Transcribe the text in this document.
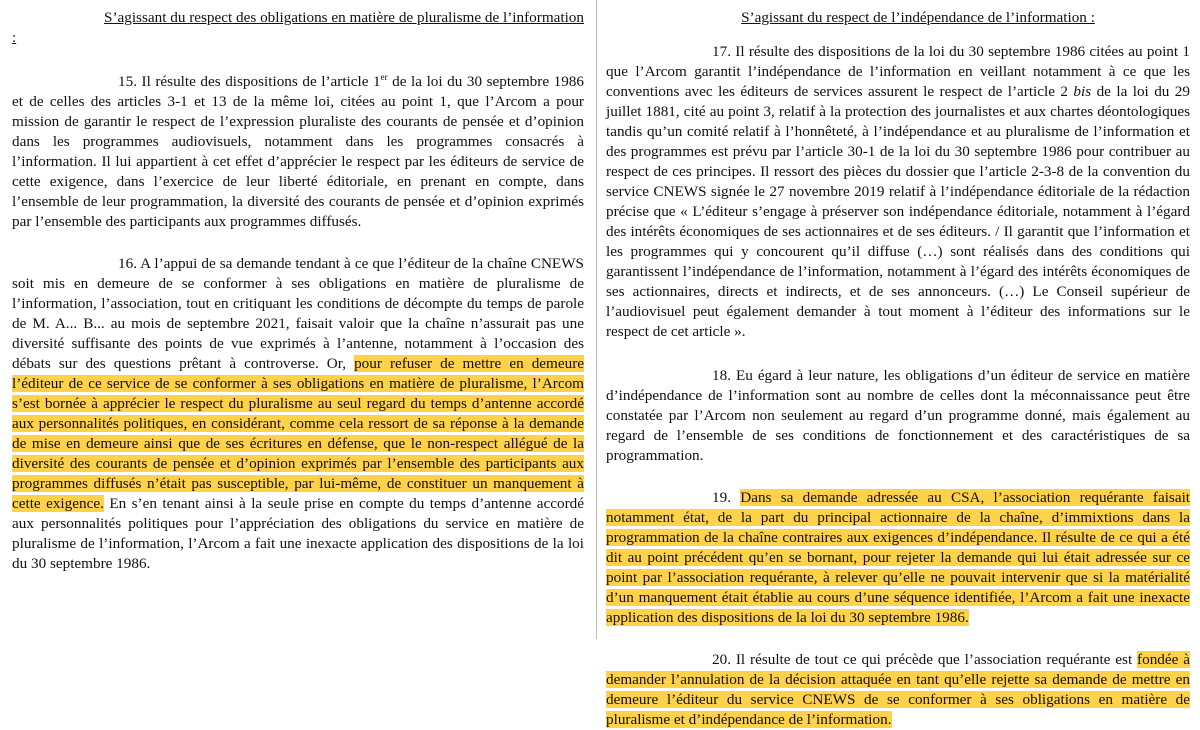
S’agissant du respect des obligations en matière de pluralisme de l’information :

15. Il résulte des dispositions de l’article 1er de la loi du 30 septembre 1986 et de celles des articles 3-1 et 13 de la même loi, citées au point 1, que l’Arcom a pour mission de garantir le respect de l’expression pluraliste des courants de pensée et d’opinion dans les programmes audiovisuels, notamment dans les programmes consacrés à l’information. Il lui appartient à cet effet d’apprécier le respect par les éditeurs de service de cette exigence, dans l’exercice de leur liberté éditoriale, en prenant en compte, dans l’ensemble de leur programmation, la diversité des courants de pensée et d’opinion exprimés par l’ensemble des participants aux programmes diffusés.

16. A l’appui de sa demande tendant à ce que l’éditeur de la chaîne CNEWS soit mis en demeure de se conformer à ses obligations en matière de pluralisme de l’information, l’association, tout en critiquant les conditions de décompte du temps de parole de M. A... B... au mois de septembre 2021, faisait valoir que la chaîne n’assurait pas une diversité suffisante des points de vue exprimés à l’antenne, notamment à l’occasion des débats sur des questions prêtant à controverse. Or, pour refuser de mettre en demeure l’éditeur de ce service de se conformer à ses obligations en matière de pluralisme, l’Arcom s’est bornée à apprécier le respect du pluralisme au seul regard du temps d’antenne accordé aux personnalités politiques, en considérant, comme cela ressort de sa réponse à la demande de mise en demeure ainsi que de ses écritures en défense, que le non-respect allégué de la diversité des courants de pensée et d’opinion exprimés par l’ensemble des participants aux programmes diffusés n’était pas susceptible, par lui-même, de constituer un manquement à cette exigence. En s’en tenant ainsi à la seule prise en compte du temps d’antenne accordé aux personnalités politiques pour l’appréciation des obligations du service en matière de pluralisme de l’information, l’Arcom a fait une inexacte application des dispositions de la loi du 30 septembre 1986.

S’agissant du respect de l’indépendance de l’information :

17. Il résulte des dispositions de la loi du 30 septembre 1986 citées au point 1 que l’Arcom garantit l’indépendance de l’information en veillant notamment à ce que les conventions avec les éditeurs de services assurent le respect de l’article 2 bis de la loi du 29 juillet 1881, cité au point 3, relatif à la protection des journalistes et aux chartes déontologiques tandis qu’un comité relatif à l’honnêteté, à l’indépendance et au pluralisme de l’information et des programmes est prévu par l’article 30-1 de la loi du 30 septembre 1986 pour contribuer au respect de ces principes. Il ressort des pièces du dossier que l’article 2-3-8 de la convention du service CNEWS signée le 27 novembre 2019 relatif à l’indépendance éditoriale de la rédaction précise que « L’éditeur s’engage à préserver son indépendance éditoriale, notamment à l’égard des intérêts économiques de ses actionnaires et de ses éditeurs. / Il garantit que l’information et les programmes qui y concourent qu’il diffuse (…) sont réalisés dans des conditions qui garantissent l’indépendance de l’information, notamment à l’égard des intérêts économiques de ses actionnaires, directs et indirects, et de ses annonceurs. (…) Le Conseil supérieur de l’audiovisuel peut également demander à tout moment à l’éditeur des informations sur le respect de cet article ».

18. Eu égard à leur nature, les obligations d’un éditeur de service en matière d’indépendance de l’information sont au nombre de celles dont la méconnaissance peut être constatée par l’Arcom non seulement au regard d’un programme donné, mais également au regard de l’ensemble de ses conditions de fonctionnement et des caractéristiques de sa programmation.

19. Dans sa demande adressée au CSA, l’association requérante faisait notamment état, de la part du principal actionnaire de la chaîne, d’immixtions dans la programmation de la chaîne contraires aux exigences d’indépendance. Il résulte de ce qui a été dit au point précédent qu’en se bornant, pour rejeter la demande qui lui était adressée sur ce point par l’association requérante, à relever qu’elle ne pouvait intervenir que si la matérialité d’un manquement était établie au cours d’une séquence identifiée, l’Arcom a fait une inexacte application des dispositions de la loi du 30 septembre 1986.

20. Il résulte de tout ce qui précède que l’association requérante est fondée à demander l’annulation de la décision attaquée en tant qu’elle rejette sa demande de mettre en demeure l’éditeur du service CNEWS de se conformer à ses obligations en matière de pluralisme et d’indépendance de l’information.
